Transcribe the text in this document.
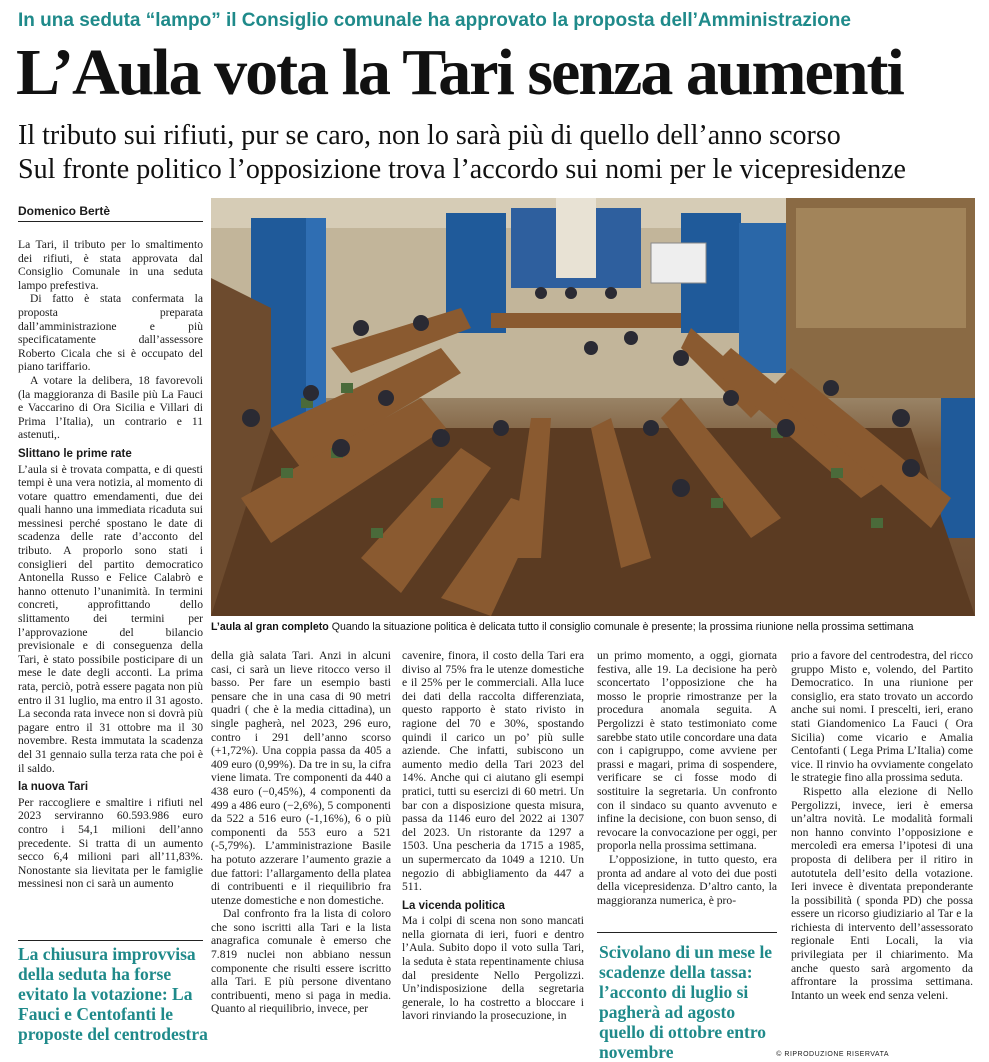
In una seduta “lampo” il Consiglio comunale ha approvato la proposta dell’Amministrazione
L’Aula vota la Tari senza aumenti
Il tributo sui rifiuti, pur se caro, non lo sarà più di quello dell’anno scorso
Sul fronte politico l’opposizione trova l’accordo sui nomi per le vicepresidenze
Domenico Bertè
L’aula al gran completo Quando la situazione politica è delicata tutto il consiglio comunale è presente; la prossima riunione nella prossima settimana

La Tari, il tributo per lo smaltimento dei rifiuti, è stata approvata dal Consiglio Comunale in una seduta lampo prefestiva.

Di fatto è stata confermata la proposta preparata dall’amministrazione e più specificatamente dall’assessore Roberto Cicala che si è occupato del piano tariffario.

A votare la delibera, 18 favorevoli (la maggioranza di Basile più La Fauci e Vaccarino di Ora Sicilia e Villari di Prima l’Italia), un contrario e 11 astenuti,.

Slittano le prime rate

L’aula si è trovata compatta, e di questi tempi è una vera notizia, al momento di votare quattro emendamenti, due dei quali hanno una immediata ricaduta sui messinesi perché spostano le date di scadenza delle rate d’acconto del tributo. A proporlo sono stati i consiglieri del partito democratico Antonella Russo e Felice Calabrò e hanno ottenuto l’unanimità. In termini concreti, approfittando dello slittamento dei termini per l’approvazione del bilancio previsionale e di conseguenza della Tari, è stato possibile posticipare di un mese le date degli acconti. La prima rata, perciò, potrà essere pagata non più entro il 31 luglio, ma entro il 31 agosto. La seconda rata invece non si dovrà più pagare entro il 31 ottobre ma il 30 novembre. Resta immutata la scadenza del 31 gennaio sulla terza rata che poi è il saldo.

la nuova Tari

Per raccogliere e smaltire i rifiuti nel 2023 serviranno 60.593.986 euro contro i 54,1 milioni dell’anno precedente. Si tratta di un aumento secco 6,4 milioni pari all’11,83%. Nonostante sia lievitata per le famiglie messinesi non ci sarà un aumento

La chiusura improvvisa della seduta ha forse evitato la votazione: La Fauci e Centofanti le proposte del centrodestra

della già salata Tari. Anzi in alcuni casi, ci sarà un lieve ritocco verso il basso. Per fare un esempio basti pensare che in una casa di 90 metri quadri ( che è la media cittadina), un single pagherà, nel 2023, 296 euro, contro i 291 dell’anno scorso (+1,72%). Una coppia passa da 405 a 409 euro (0,99%). Da tre in su, la cifra viene limata. Tre componenti da 440 a 438 euro (−0,45%), 4 componenti da 499 a 486 euro (−2,6%), 5 componenti da 522 a 516 euro (-1,16%), 6 o più componenti da 553 euro a 521 (-5,79%). L’amministrazione Basile ha potuto azzerare l’aumento grazie a due fattori: l’allargamento della platea di contribuenti e il riequilibrio fra utenze domestiche e non domestiche.

Dal confronto fra la lista di coloro che sono iscritti alla Tari e la lista anagrafica comunale è emerso che 7.819 nuclei non abbiano nessun componente che risulti essere iscritto alla Tari. E più persone diventano contribuenti, meno si paga in media. Quanto al riequilibrio, invece, per

cavenire, finora, il costo della Tari era diviso al 75% fra le utenze domestiche e il 25% per le commerciali. Alla luce dei dati della raccolta differenziata, questo rapporto è stato rivisto in ragione del 70 e 30%, spostando quindi il carico un po’ più sulle aziende. Che infatti, subiscono un aumento medio della Tari 2023 del 14%. Anche qui ci aiutano gli esempi pratici, tutti su esercizi di 60 metri. Un bar con a disposizione questa misura, passa da 1146 euro del 2022 ai 1307 del 2023. Un ristorante da 1297 a 1503. Una pescheria da 1715 a 1985, un supermercato da 1049 a 1210. Un negozio di abbigliamento da 447 a 511.

La vicenda politica

Ma i colpi di scena non sono mancati nella giornata di ieri, fuori e dentro l’Aula. Subito dopo il voto sulla Tari, la seduta è stata repentinamente chiusa dal presidente Nello Pergolizzi. Un’indisposizione della segretaria generale, lo ha costretto a bloccare i lavori rinviando la prosecuzione, in

un primo momento, a oggi, giornata festiva, alle 19. La decisione ha però sconcertato l’opposizione che ha mosso le proprie rimostranze per la procedura anomala seguita. A Pergolizzi è stato testimoniato come sarebbe stato utile concordare una data con i capigruppo, come avviene per prassi e magari, prima di sospendere, verificare se ci fosse modo di sostituire la segretaria. Un confronto con il sindaco su quanto avvenuto e infine la decisione, con buon senso, di revocare la convocazione per oggi, per proporla nella prossima settimana.

L’opposizione, in tutto questo, era pronta ad andare al voto dei due posti della vicepresidenza. D’altro canto, la maggioranza numerica, è pro-

Scivolano di un mese le scadenze della tassa: l’acconto di luglio si pagherà ad agosto quello di ottobre entro novembre

prio a favore del centrodestra, del ricco gruppo Misto e, volendo, del Partito Democratico. In una riunione per consiglio, era stato trovato un accordo anche sui nomi. I prescelti, ieri, erano stati Giandomenico La Fauci ( Ora Sicilia) come vicario e Amalia Centofanti ( Lega Prima L’Italia) come vice. Il rinvio ha ovviamente congelato le strategie fino alla prossima seduta.

Rispetto alla elezione di Nello Pergolizzi, invece, ieri è emersa un’altra novità. Le modalità formali non hanno convinto l’opposizione e mercoledì era emersa l’ipotesi di una proposta di delibera per il ritiro in autotutela dell’esito della votazione. Ieri invece è diventata preponderante la possibilità ( sponda PD) che possa essere un ricorso giudiziario al Tar e la richiesta di intervento dell’assessorato regionale Enti Locali, la via privilegiata per il chiarimento. Ma anche questo sarà argomento da affrontare la prossima settimana. Intanto un week end senza veleni.

© RIPRODUZIONE RISERVATA
